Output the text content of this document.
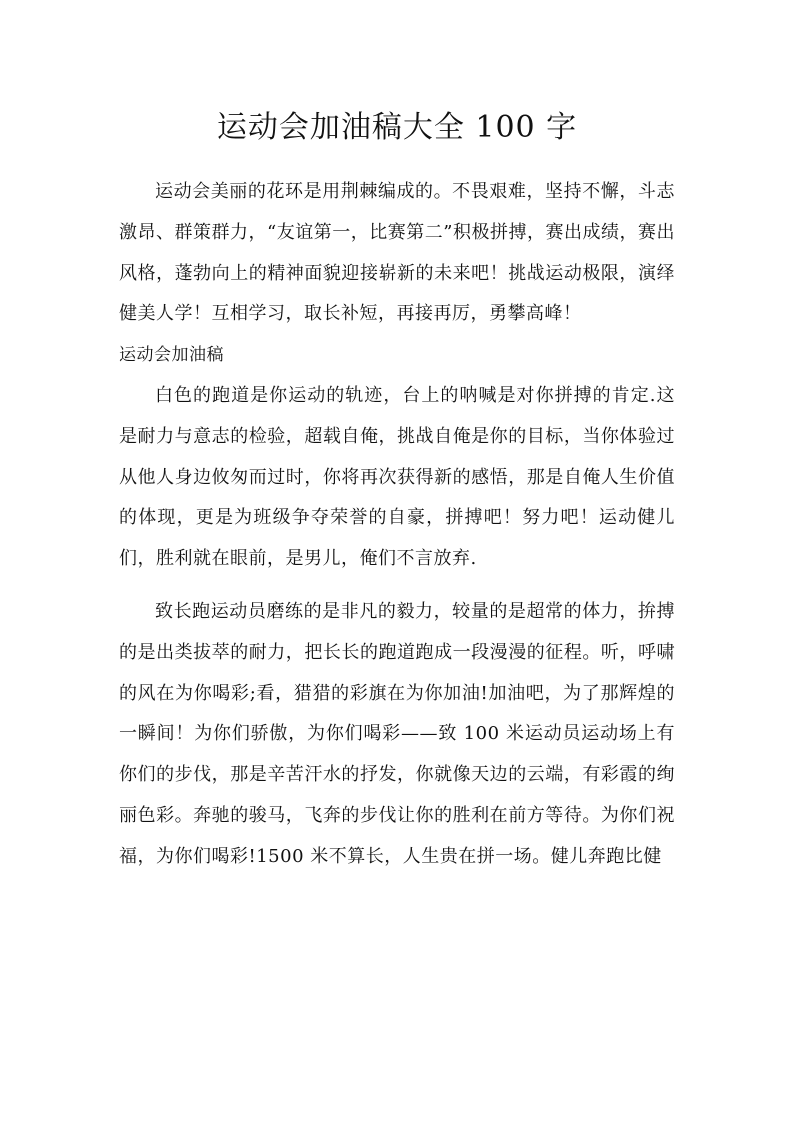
运动会加油稿大全 100 字

运动会美丽的花环是用荆棘编成的。不畏艰难，坚持不懈，斗志激昂、群策群力，“友谊第一，比赛第二”积极拼搏，赛出成绩，赛出风格，蓬勃向上的精神面貌迎接崭新的未来吧！挑战运动极限，演绎健美人学！互相学习，取长补短，再接再厉，勇攀高峰！

运动会加油稿

白色的跑道是你运动的轨迹，台上的呐喊是对你拼搏的肯定.这是耐力与意志的检验，超载自俺，挑战自俺是你的目标，当你体验过从他人身边攸匆而过时，你将再次获得新的感悟，那是自俺人生价值的体现，更是为班级争夺荣誉的自豪，拼搏吧！努力吧！运动健儿们，胜利就在眼前，是男儿，俺们不言放弃.

致长跑运动员磨练的是非凡的毅力，较量的是超常的体力，拚搏的是出类拔萃的耐力，把长长的跑道跑成一段漫漫的征程。听，呼啸的风在为你喝彩;看，猎猎的彩旗在为你加油!加油吧，为了那辉煌的一瞬间！为你们骄傲，为你们喝彩——致 100 米运动员运动场上有你们的步伐，那是辛苦汗水的抒发，你就像天边的云端，有彩霞的绚丽色彩。奔驰的骏马，飞奔的步伐让你的胜利在前方等待。为你们祝福，为你们喝彩!1500 米不算长，人生贵在拼一场。健儿奔跑比健
